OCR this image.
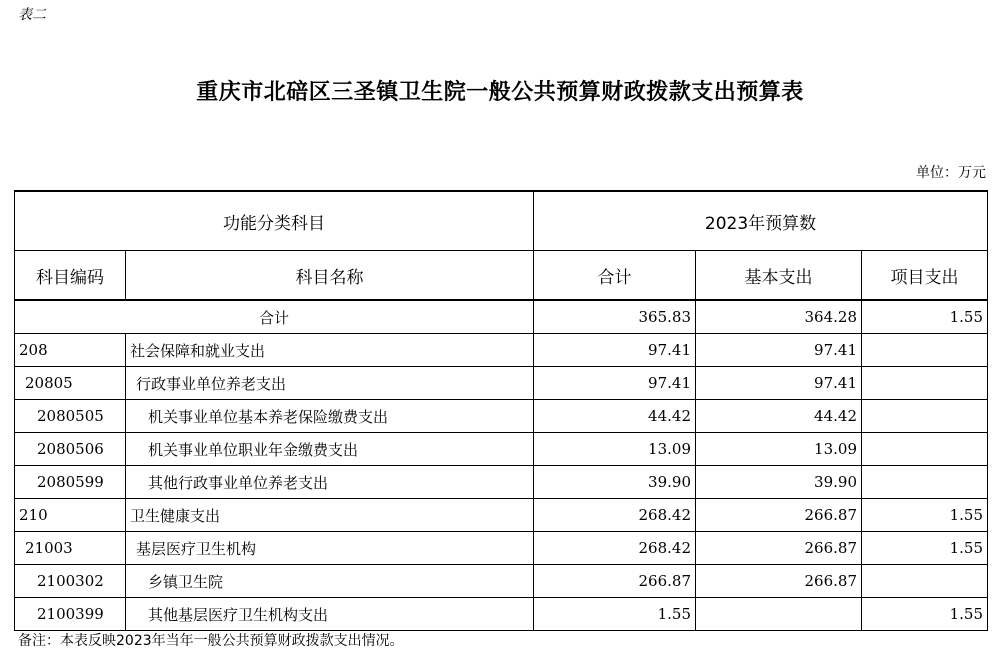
表二
重庆市北碚区三圣镇卫生院一般公共预算财政拨款支出预算表
单位：万元
功能分类科目		2023年预算数		
科目编码	科目名称	合计	基本支出	项目支出
合计		365.83	364.28	1.55
208	社会保障和就业支出	97.41	97.41	
20805	行政事业单位养老支出	97.41	97.41	
2080505	机关事业单位基本养老保险缴费支出	44.42	44.42	
2080506	机关事业单位职业年金缴费支出	13.09	13.09	
2080599	其他行政事业单位养老支出	39.90	39.90	
210	卫生健康支出	268.42	266.87	1.55
21003	基层医疗卫生机构	268.42	266.87	1.55
2100302	乡镇卫生院	266.87	266.87	
2100399	其他基层医疗卫生机构支出	1.55		1.55
备注：本表反映2023年当年一般公共预算财政拨款支出情况。
